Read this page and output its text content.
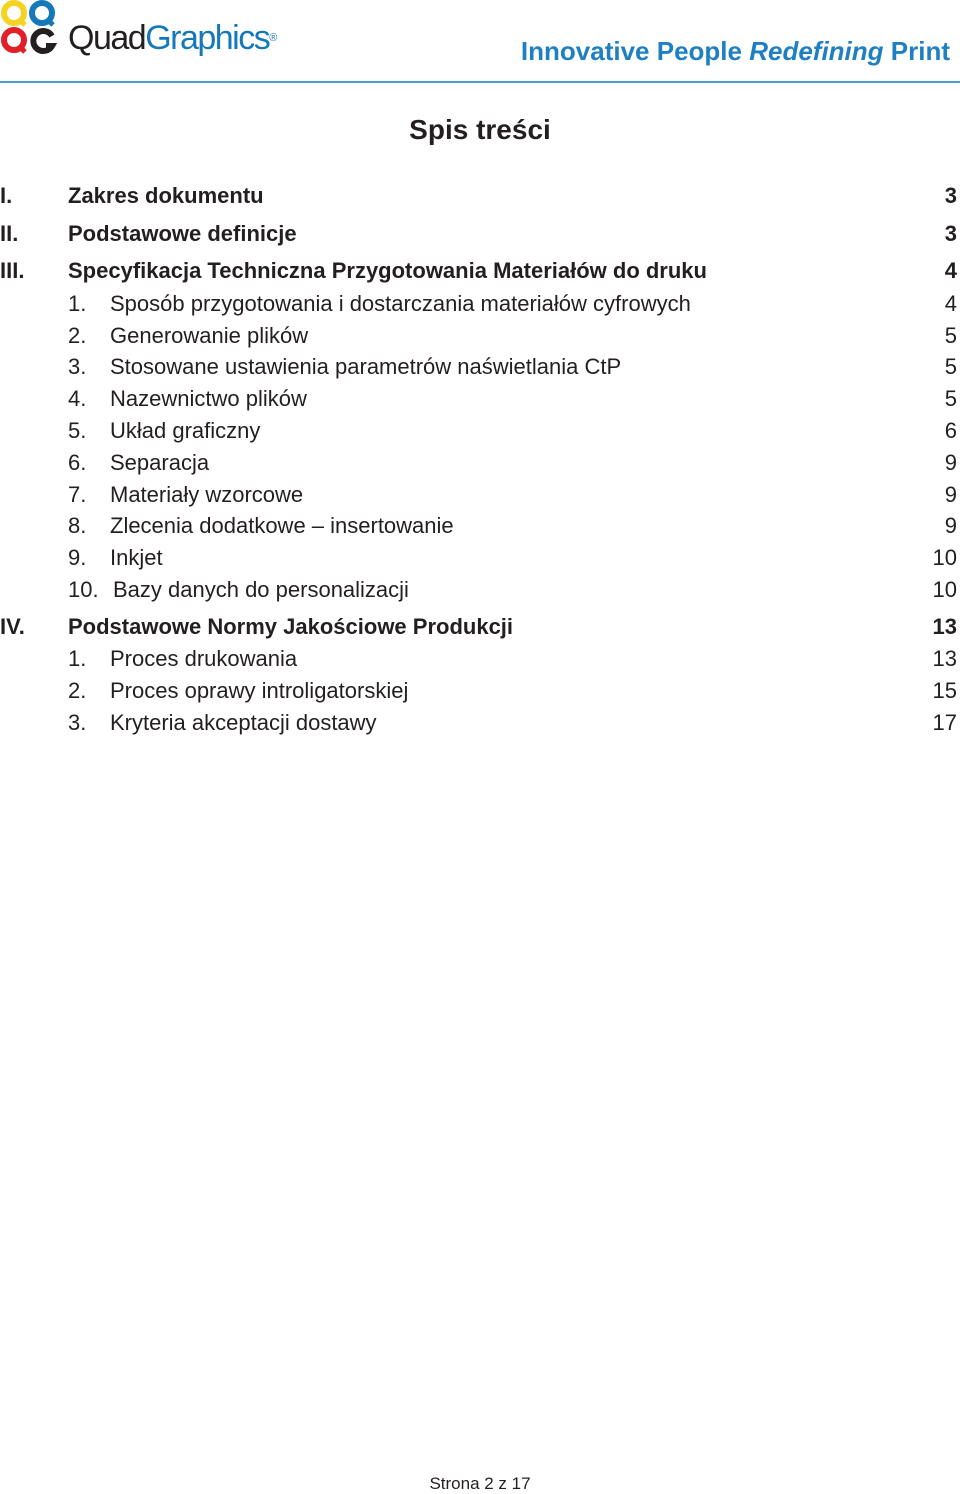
QuadGraphics®	Innovative People Redefining Print
Spis treści
I.	Zakres dokumentu	3
II. Podstawowe definicje	3
III. Specyfikacja Techniczna Przygotowania Materiałów do druku	4
1. Sposób przygotowania i dostarczania materiałów cyfrowych	4
2. Generowanie plików	5
3. Stosowane ustawienia parametrów naświetlania CtP	5
4. Nazewnictwo plików	5
5. Układ graficzny	6
6. Separacja	9
7. Materiały wzorcowe	9
8. Zlecenia dodatkowe – insertowanie	9
9. Inkjet	10
10. Bazy danych do personalizacji	10
IV. Podstawowe Normy Jakościowe Produkcji	13
1. Proces drukowania	13
2. Proces oprawy introligatorskiej	15
3. Kryteria akceptacji dostawy	17
Strona 2 z 17
